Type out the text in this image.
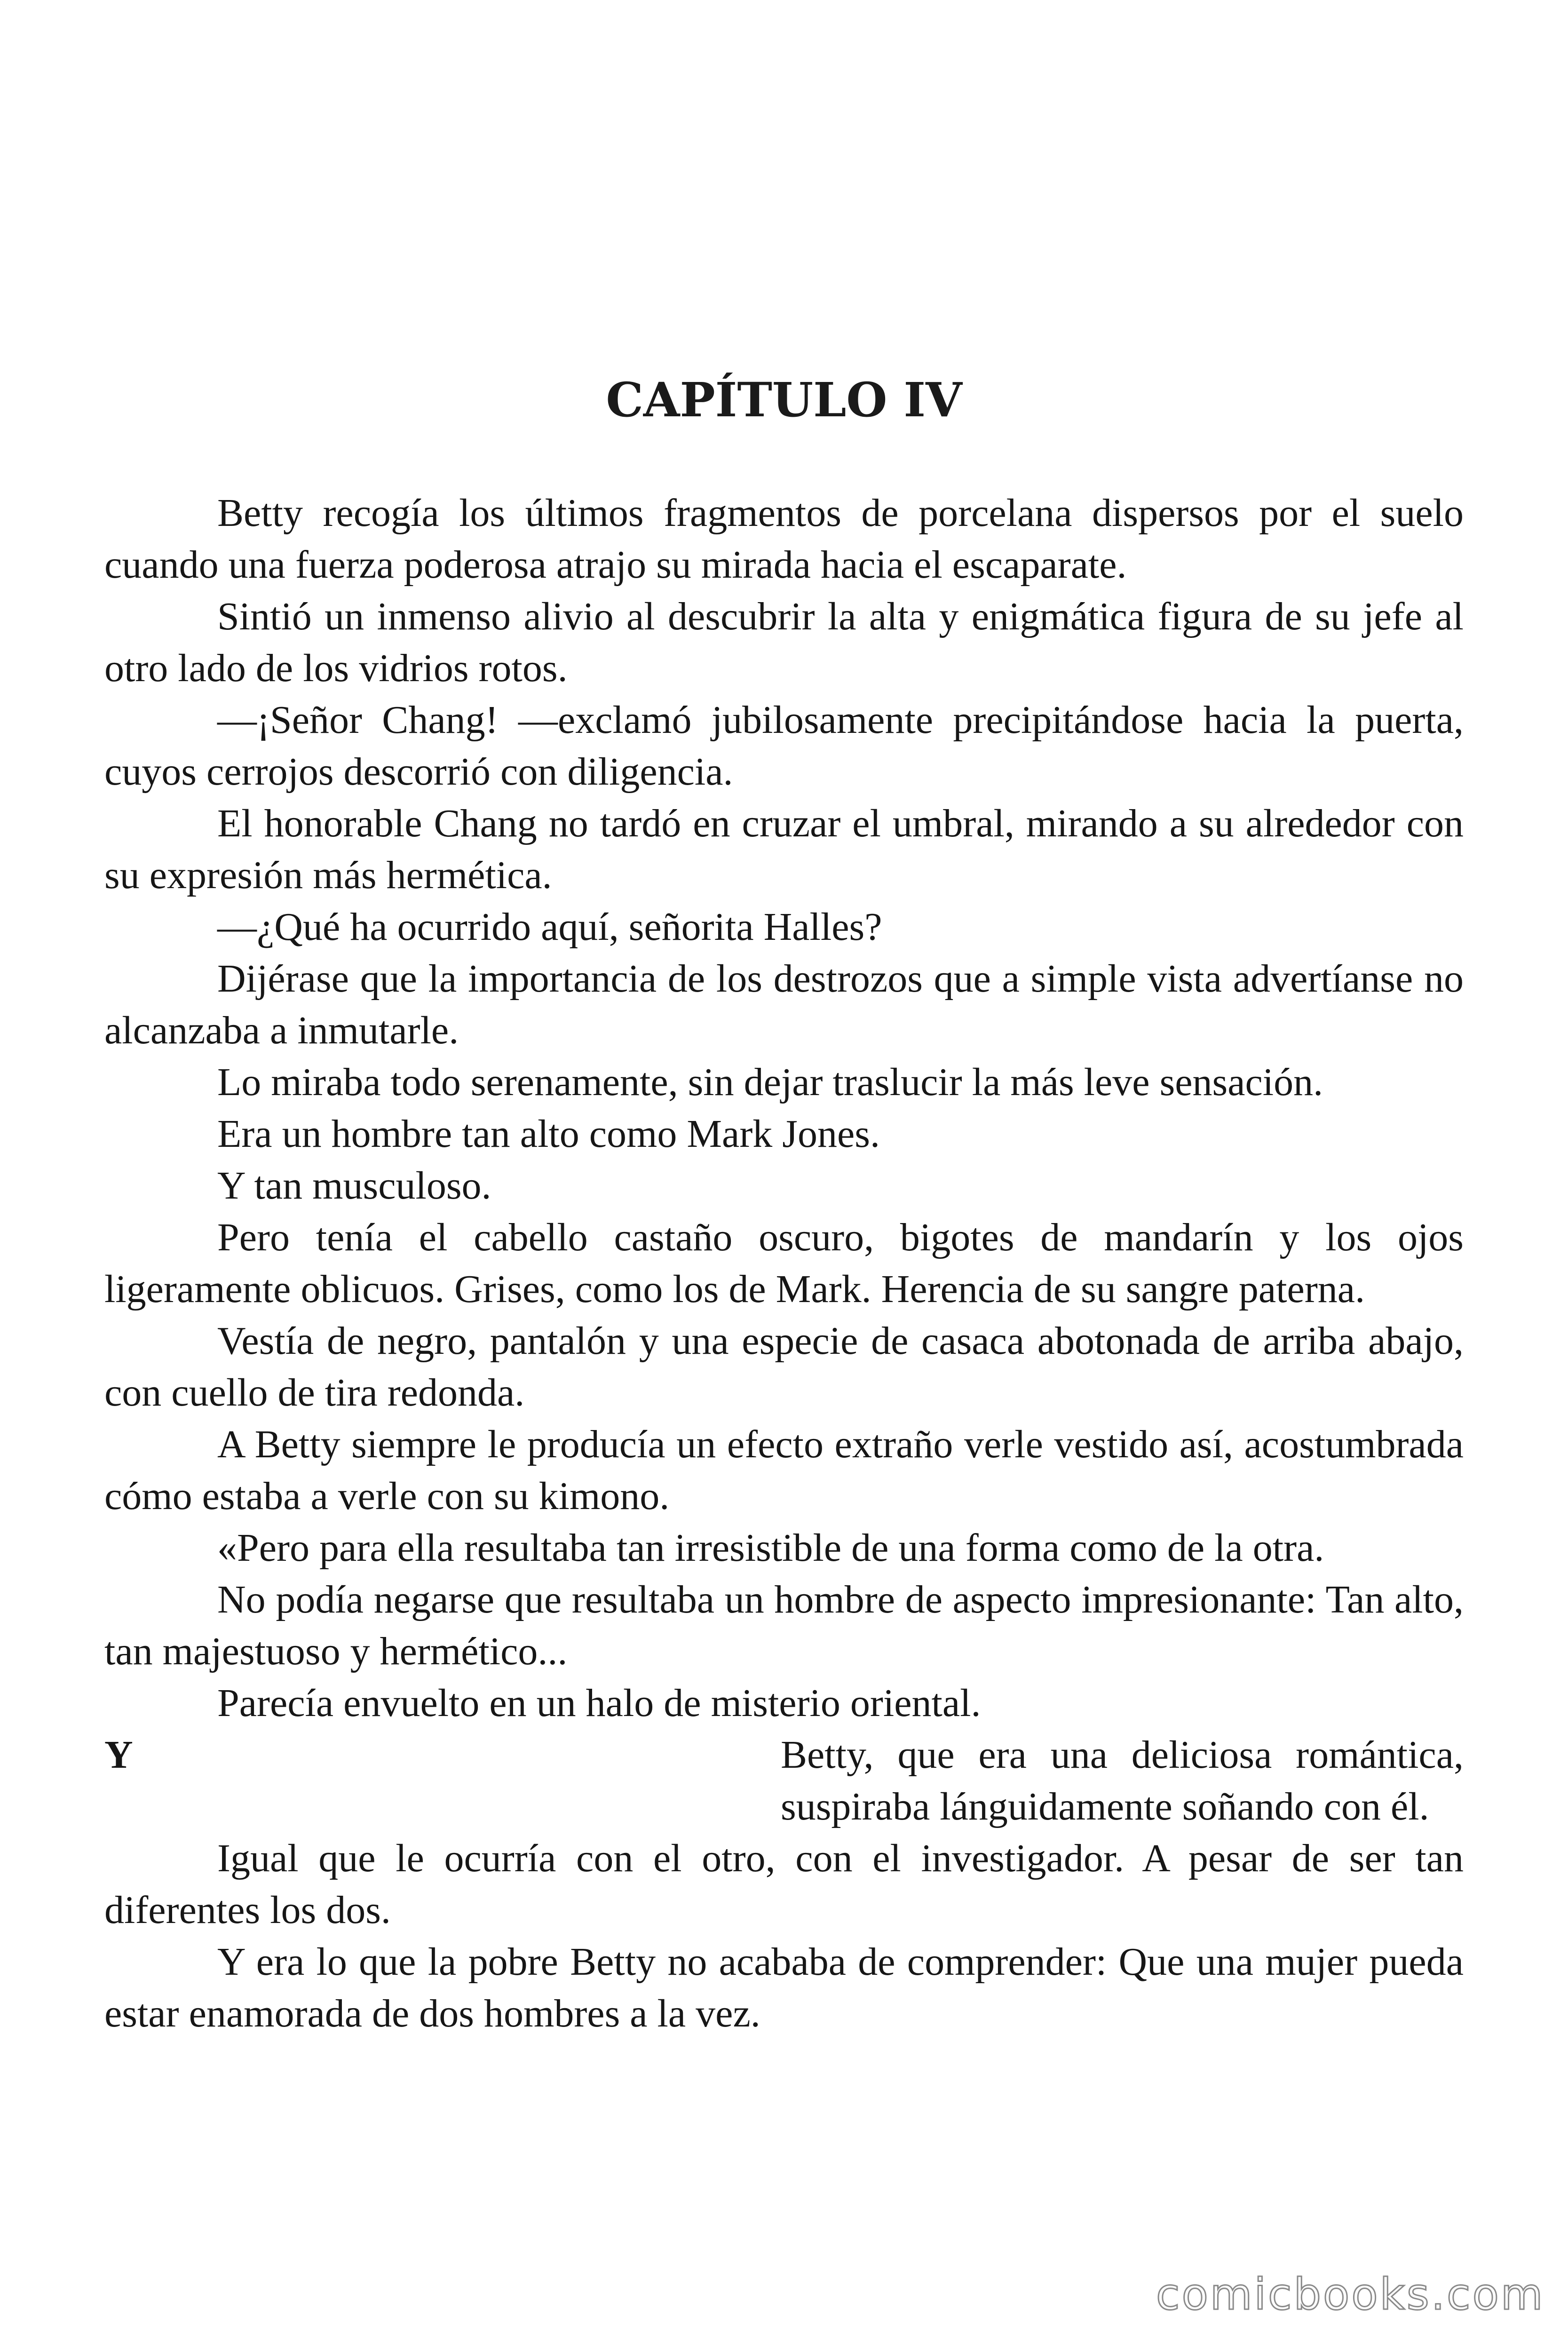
CAPÍTULO IV

Betty recogía los últimos fragmentos de porcelana dispersos por el suelo cuando una fuerza poderosa atrajo su mirada hacia el escaparate.

Sintió un inmenso alivio al descubrir la alta y enigmática figura de su jefe al otro lado de los vidrios rotos.

—¡Señor Chang! —exclamó jubilosamente precipitándose hacia la puerta, cuyos cerrojos descorrió con diligencia.

El honorable Chang no tardó en cruzar el umbral, mirando a su alrededor con su expresión más hermética.

—¿Qué ha ocurrido aquí, señorita Halles?

Dijérase que la importancia de los destrozos que a simple vista advertíanse no alcanzaba a inmutarle.

Lo miraba todo serenamente, sin dejar traslucir la más leve sensación.

Era un hombre tan alto como Mark Jones.

Y tan musculoso.

Pero tenía el cabello castaño oscuro, bigotes de mandarín y los ojos ligeramente oblicuos. Grises, como los de Mark. Herencia de su sangre paterna.

Vestía de negro, pantalón y una especie de casaca abotonada de arriba abajo, con cuello de tira redonda.

A Betty siempre le producía un efecto extraño verle vestido así, acostumbrada cómo estaba a verle con su kimono.

«Pero para ella resultaba tan irresistible de una forma como de la otra.

No podía negarse que resultaba un hombre de aspecto impresionante: Tan alto, tan majestuoso y hermético...

Parecía envuelto en un halo de misterio oriental.

Y	Betty, que era una deliciosa romántica, suspiraba lánguidamente soñando con él.

Igual que le ocurría con el otro, con el investigador. A pesar de ser tan diferentes los dos.

Y era lo que la pobre Betty no acababa de comprender: Que una mujer pueda estar enamorada de dos hombres a la vez.

comicbooks.com
